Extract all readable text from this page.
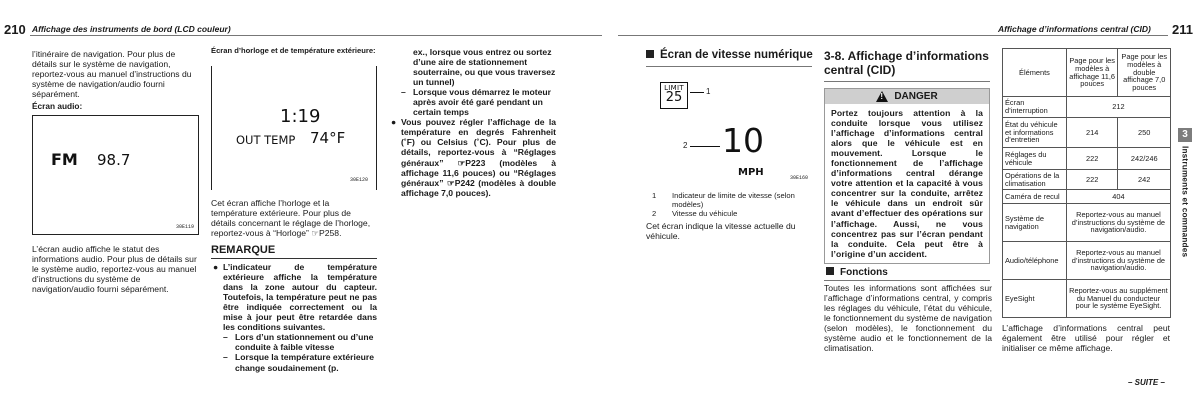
210 Affichage des instruments de bord (LCD couleur)

l’itinéraire de navigation. Pour plus de détails sur le système de navigation, reportez-vous au manuel d’instructions du système de navigation/audio fourni séparément.

Écran audio:

FM 98.7
30E119

L’écran audio affiche le statut des informations audio. Pour plus de détails sur le système audio, reportez-vous au manuel d’instructions du système de navigation/audio fourni séparément.

Écran d’horloge et de température extérieure:

1:19
OUT TEMP 74°F
30E120

Cet écran affiche l’horloge et la température extérieure. Pour plus de détails concernant le réglage de l’horloge, reportez-vous à “Horloge” ☞P258.

REMARQUE
● L’indicateur de température extérieure affiche la température dans la zone autour du capteur. Toutefois, la température peut ne pas être indiquée correctement ou la mise à jour peut être retardée dans les conditions suivantes.
– Lors d’un stationnement ou d’une conduite à faible vitesse
– Lorsque la température extérieure change soudainement (p.

ex., lorsque vous entrez ou sortez d’une aire de stationnement souterraine, ou que vous traversez un tunnel)

– Lorsque vous démarrez le moteur après avoir été garé pendant un certain temps
● Vous pouvez régler l’affichage de la température en degrés Fahrenheit (˚F) ou Celsius (˚C). Pour plus de détails, reportez-vous à “Réglages généraux” ☞P223 (modèles à affichage 11,6 pouces) ou “Réglages généraux” ☞P242 (modèles à double affichage 7,0 pouces).
Affichage d’informations central (CID) 211
Écran de vitesse numérique
LIMIT
25	1
2 10
MPH
30E160
1 Indicateur de limite de vitesse (selon modèles)
2 Vitesse du véhicule

Cet écran indique la vitesse actuelle du véhicule.

3-8. Affichage d’informations central (CID)
! DANGER
Portez toujours attention à la conduite lorsque vous utilisez l’affichage d’informations central alors que le véhicule est en mouvement. Lorsque le fonctionnement de l’affichage d’informations central dérange votre attention et la capacité à vous concentrer sur la conduite, arrêtez le véhicule dans un endroit sûr avant d’effectuer des opérations sur l’affichage. Aussi, ne vous concentrez pas sur l’écran pendant la conduite. Cela peut être à l’origine d’un accident.
Fonctions

Toutes les informations sont affichées sur l’affichage d’informations central, y compris les réglages du véhicule, l’état du véhicule, le fonctionnement du système de navigation (selon modèles), le fonctionnement du système audio et le fonctionnement de la climatisation.

Éléments	Page pour les modèles à affichage 11,6 pouces	Page pour les modèles à double affichage 7,0 pouces
Écran d’interruption	212	
État du véhicule et informations d’entretien	214	250
Réglages du véhicule	222	242/246
Opérations de la climatisation	222	242
Caméra de recul	404	
Système de navigation	Reportez-vous au manuel d’instructions du système de navigation/audio.	
Audio/téléphone	Reportez-vous au manuel d’instructions du système de navigation/audio.	
EyeSight	Reportez-vous au supplément du Manuel du conducteur pour le système EyeSight.	

L’affichage d’informations central peut également être utilisé pour régler et initialiser ce même affichage.

– SUITE –
3
Instruments et commandes
